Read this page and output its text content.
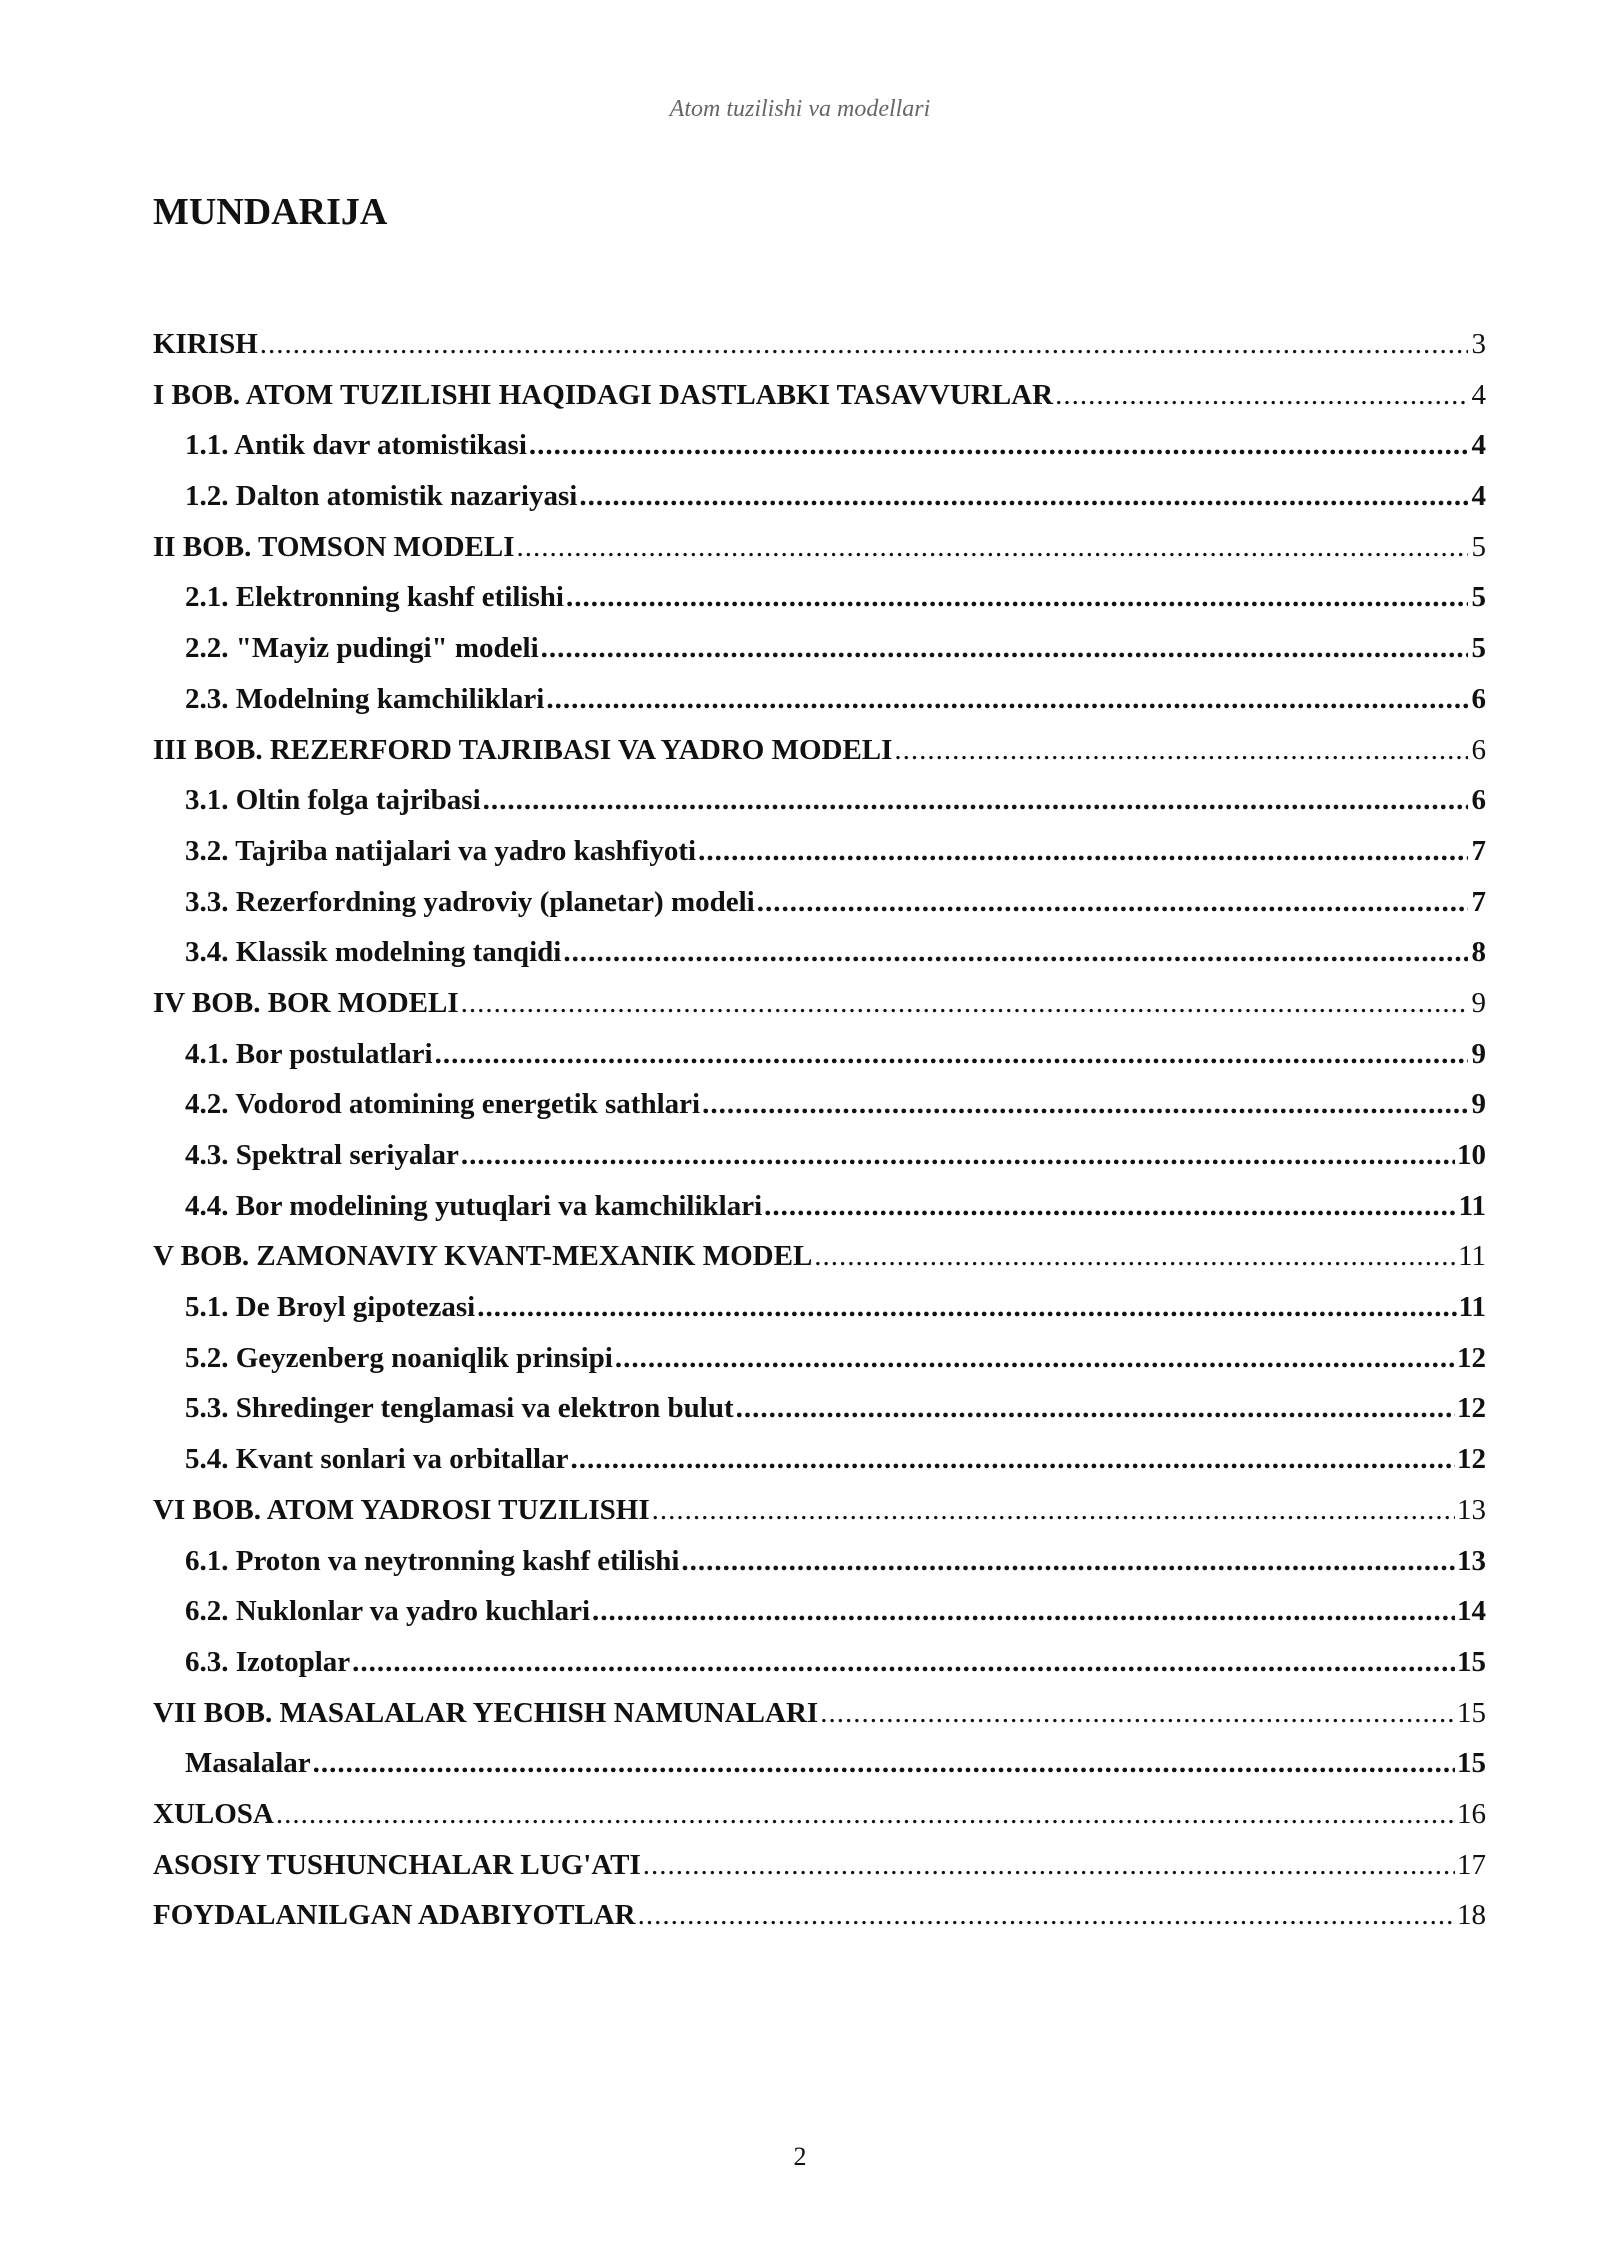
Atom tuzilishi va modellari
MUNDARIJA
KIRISH .....	3
I BOB. ATOM TUZILISHI HAQIDAGI DASTLABKI TASAVVURLAR .....	4
1.1. Antik davr atomistikasi .....	4
1.2. Dalton atomistik nazariyasi .....	4
II BOB. TOMSON MODELI .....	5
2.1. Elektronning kashf etilishi .....	5
2.2. "Mayiz pudingi" modeli .....	5
2.3. Modelning kamchiliklari .....	6
III BOB. REZERFORD TAJRIBASI VA YADRO MODELI .....	6
3.1. Oltin folga tajribasi .....	6
3.2. Tajriba natijalari va yadro kashfiyoti .....	7
3.3. Rezerfordning yadroviy (planetar) modeli .....	7
3.4. Klassik modelning tanqidi .....	8
IV BOB. BOR MODELI .....	9
4.1. Bor postulatlari .....	9
4.2. Vodorod atomining energetik sathlari .....	9
4.3. Spektral seriyalar .....	10
4.4. Bor modelining yutuqlari va kamchiliklari .....	11
V BOB. ZAMONAVIY KVANT-MEXANIK MODEL .....	11
5.1. De Broyl gipotezasi .....	11
5.2. Geyzenberg noaniqlik prinsipi .....	12
5.3. Shredinger tenglamasi va elektron bulut .....	12
5.4. Kvant sonlari va orbitallar .....	12
VI BOB. ATOM YADROSI TUZILISHI .....	13
6.1. Proton va neytronning kashf etilishi .....	13
6.2. Nuklonlar va yadro kuchlari .....	14
6.3. Izotoplar .....	15
VII BOB. MASALALAR YECHISH NAMUNALARI .....	15
Masalalar .....	15
XULOSA .....	16
ASOSIY TUSHUNCHALAR LUG'ATI .....	17
FOYDALANILGAN ADABIYOTLAR .....	18
2
